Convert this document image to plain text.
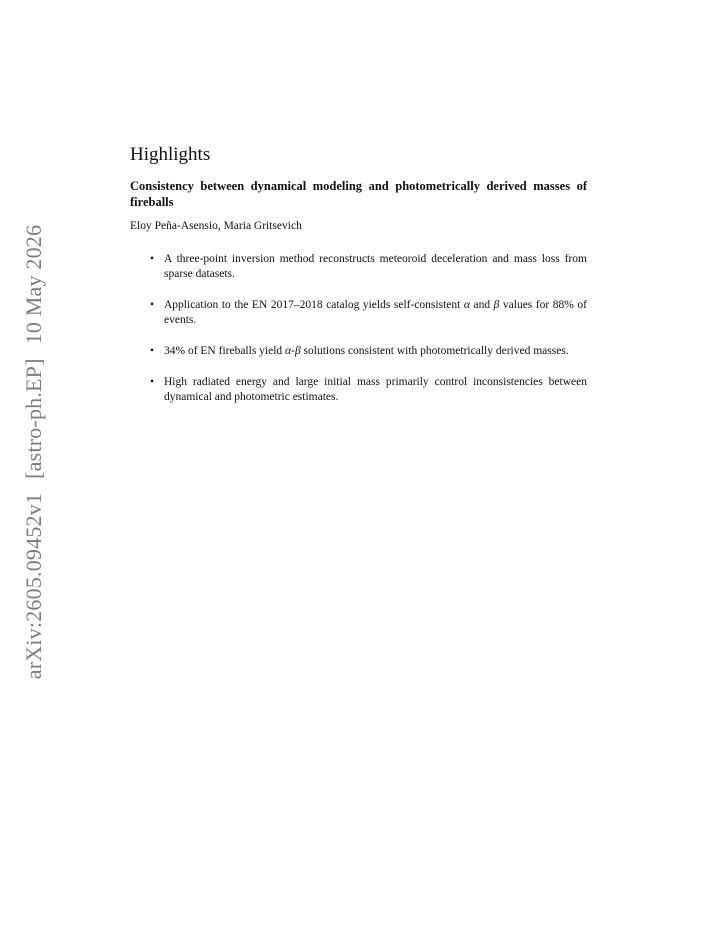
arXiv:2605.09452v1[astro-ph.EP]10 May 2026
Highlights
Consistency between dynamical modeling and photometrically derived masses of fireballs
Eloy Peña-Asensio, Maria Gritsevich
• A three-point inversion method reconstructs meteoroid deceleration and mass loss from sparse datasets.
• Application to the EN 2017–2018 catalog yields self-consistent α and β values for 88% of events.
• 34% of EN fireballs yield α-β solutions consistent with photometrically derived masses.
• High radiated energy and large initial mass primarily control inconsistencies between dynamical and photometric estimates.
